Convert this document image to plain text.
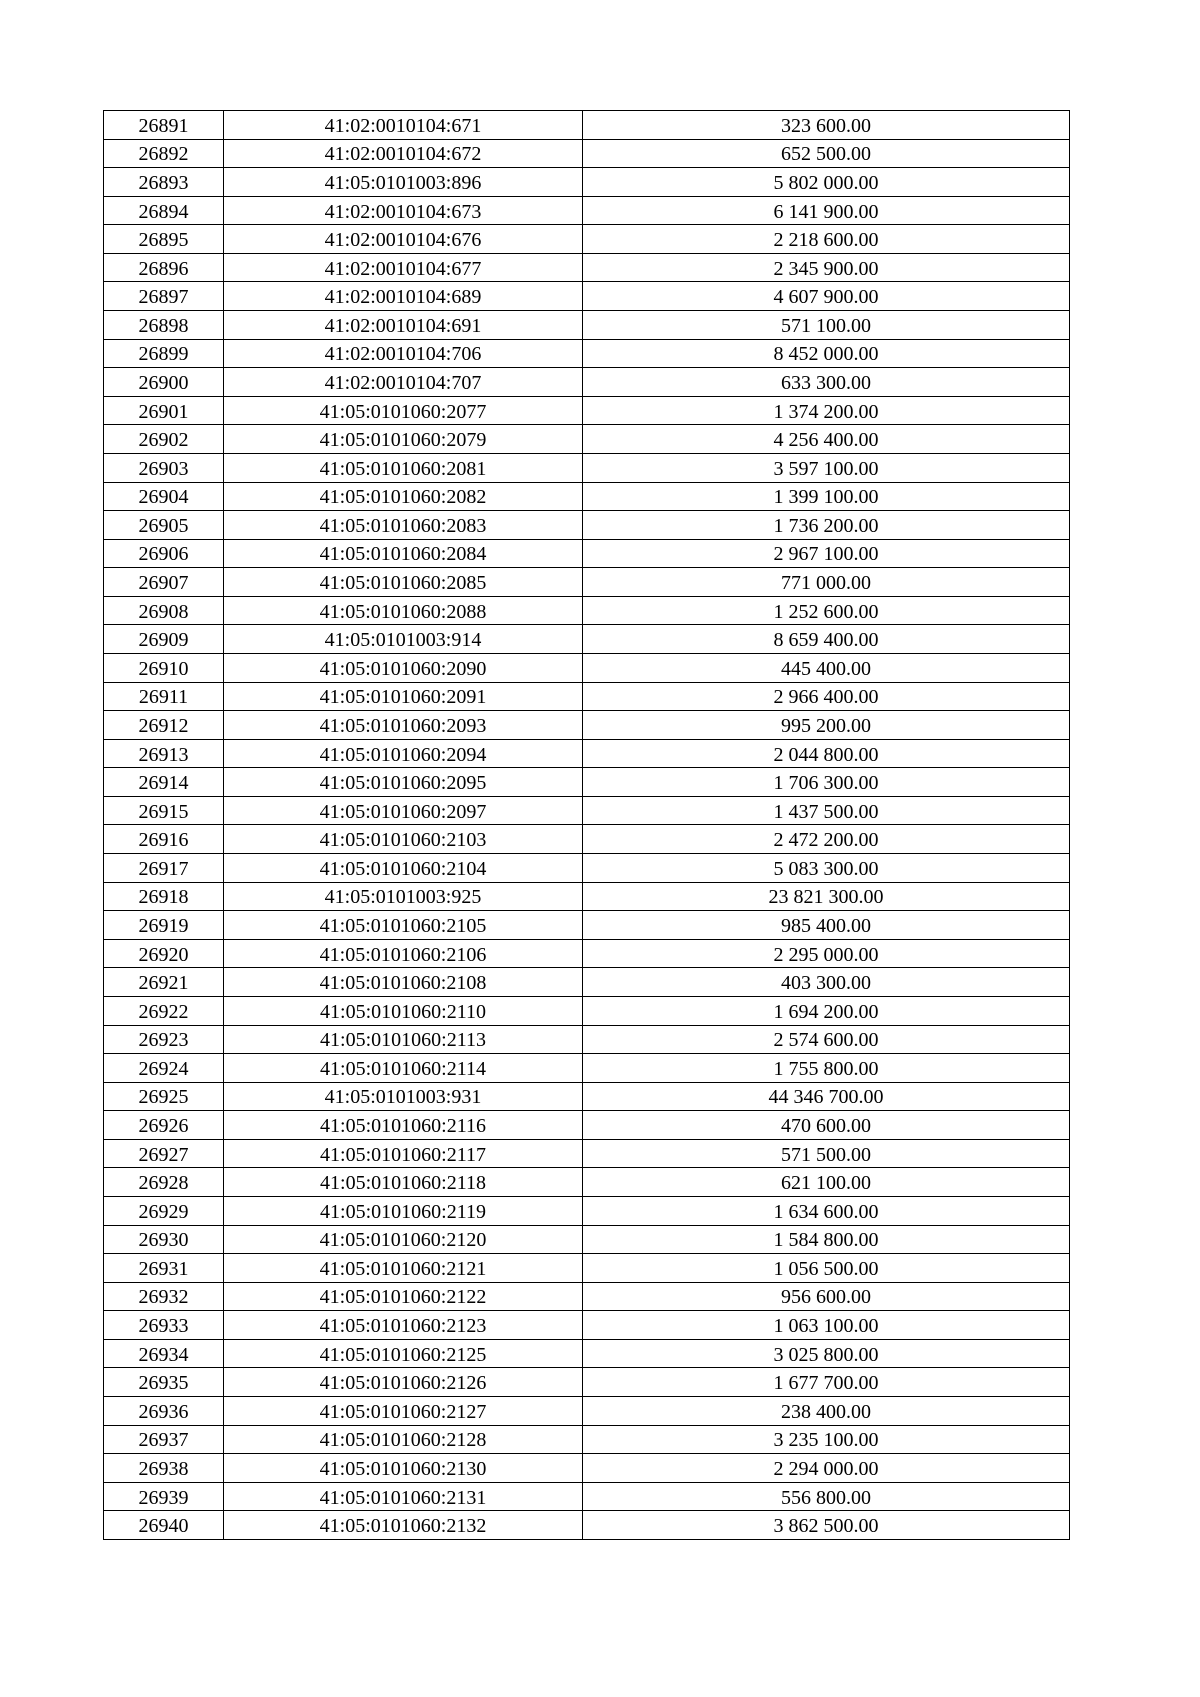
26891	41:02:0010104:671	323 600.00
26892	41:02:0010104:672	652 500.00
26893	41:05:0101003:896	5 802 000.00
26894	41:02:0010104:673	6 141 900.00
26895	41:02:0010104:676	2 218 600.00
26896	41:02:0010104:677	2 345 900.00
26897	41:02:0010104:689	4 607 900.00
26898	41:02:0010104:691	571 100.00
26899	41:02:0010104:706	8 452 000.00
26900	41:02:0010104:707	633 300.00
26901	41:05:0101060:2077	1 374 200.00
26902	41:05:0101060:2079	4 256 400.00
26903	41:05:0101060:2081	3 597 100.00
26904	41:05:0101060:2082	1 399 100.00
26905	41:05:0101060:2083	1 736 200.00
26906	41:05:0101060:2084	2 967 100.00
26907	41:05:0101060:2085	771 000.00
26908	41:05:0101060:2088	1 252 600.00
26909	41:05:0101003:914	8 659 400.00
26910	41:05:0101060:2090	445 400.00
26911	41:05:0101060:2091	2 966 400.00
26912	41:05:0101060:2093	995 200.00
26913	41:05:0101060:2094	2 044 800.00
26914	41:05:0101060:2095	1 706 300.00
26915	41:05:0101060:2097	1 437 500.00
26916	41:05:0101060:2103	2 472 200.00
26917	41:05:0101060:2104	5 083 300.00
26918	41:05:0101003:925	23 821 300.00
26919	41:05:0101060:2105	985 400.00
26920	41:05:0101060:2106	2 295 000.00
26921	41:05:0101060:2108	403 300.00
26922	41:05:0101060:2110	1 694 200.00
26923	41:05:0101060:2113	2 574 600.00
26924	41:05:0101060:2114	1 755 800.00
26925	41:05:0101003:931	44 346 700.00
26926	41:05:0101060:2116	470 600.00
26927	41:05:0101060:2117	571 500.00
26928	41:05:0101060:2118	621 100.00
26929	41:05:0101060:2119	1 634 600.00
26930	41:05:0101060:2120	1 584 800.00
26931	41:05:0101060:2121	1 056 500.00
26932	41:05:0101060:2122	956 600.00
26933	41:05:0101060:2123	1 063 100.00
26934	41:05:0101060:2125	3 025 800.00
26935	41:05:0101060:2126	1 677 700.00
26936	41:05:0101060:2127	238 400.00
26937	41:05:0101060:2128	3 235 100.00
26938	41:05:0101060:2130	2 294 000.00
26939	41:05:0101060:2131	556 800.00
26940	41:05:0101060:2132	3 862 500.00
